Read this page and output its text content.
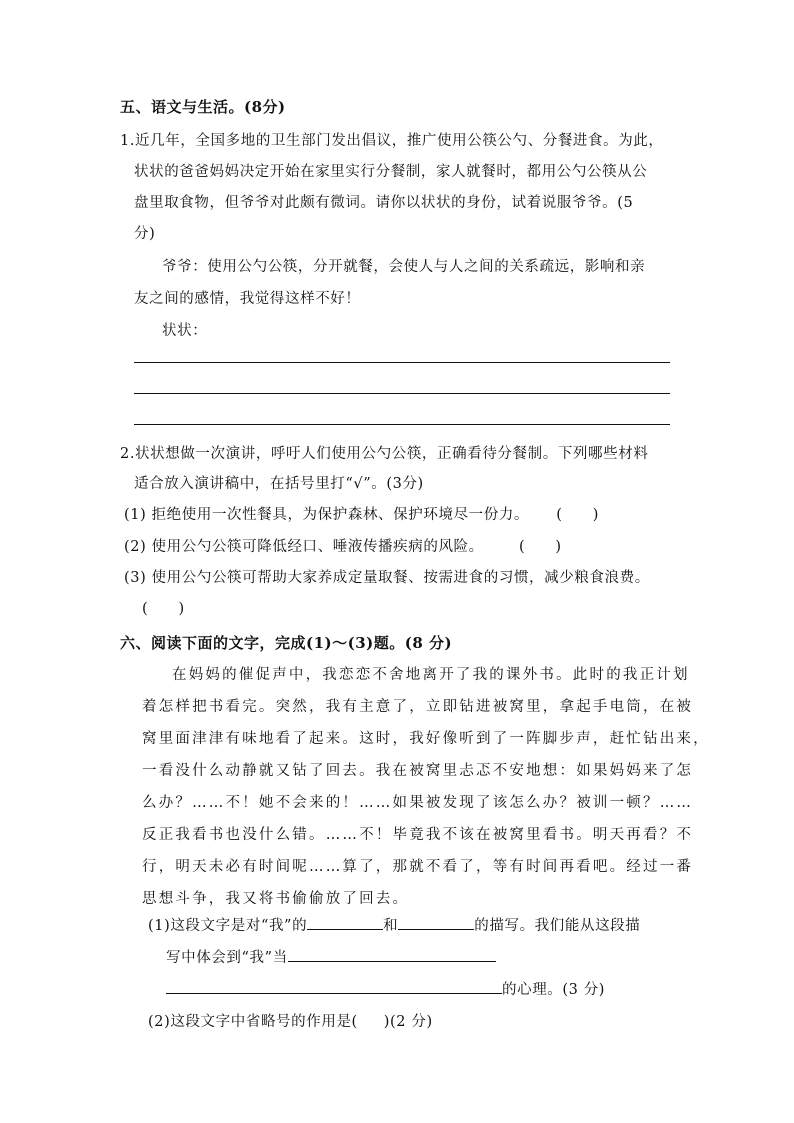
五、语文与生活。(8分)
1.近几年，全国多地的卫生部门发出倡议，推广使用公筷公勺、分餐进食。为此，
状状的爸爸妈妈决定开始在家里实行分餐制，家人就餐时，都用公勺公筷从公
盘里取食物，但爷爷对此颇有微词。请你以状状的身份，试着说服爷爷。(5
分)
爷爷：使用公勺公筷，分开就餐，会使人与人之间的关系疏远，影响和亲
友之间的感情，我觉得这样不好！
状状：
2.状状想做一次演讲，呼吁人们使用公勺公筷，正确看待分餐制。下列哪些材料
适合放入演讲稿中，在括号里打“√”。(3分)
(1) 拒绝使用一次性餐具，为保护森林、保护环境尽一份力。 (　　)
(2) 使用公勺公筷可降低经口、唾液传播疾病的风险。 (　　)
(3) 使用公勺公筷可帮助大家养成定量取餐、按需进食的习惯，减少粮食浪费。
(　　)
六、阅读下面的文字，完成(1)～(3)题。(8 分)
在妈妈的催促声中，我恋恋不舍地离开了我的课外书。此时的我正计划
着怎样把书看完。突然，我有主意了，立即钻进被窝里，拿起手电筒，在被
窝里面津津有味地看了起来。这时，我好像听到了一阵脚步声，赶忙钻出来，
一看没什么动静就又钻了回去。我在被窝里忐忑不安地想：如果妈妈来了怎
么办？……不！她不会来的！……如果被发现了该怎么办？被训一顿？……
反正我看书也没什么错。……不！毕竟我不该在被窝里看书。明天再看？不
行，明天未必有时间呢……算了，那就不看了，等有时间再看吧。经过一番
思想斗争，我又将书偷偷放了回去。
(1)这段文字是对“我”的	和	的描写。我们能从这段描
写中体会到“我”当
的心理。(3 分)
(2)这段文字中省略号的作用是( )(2 分)
